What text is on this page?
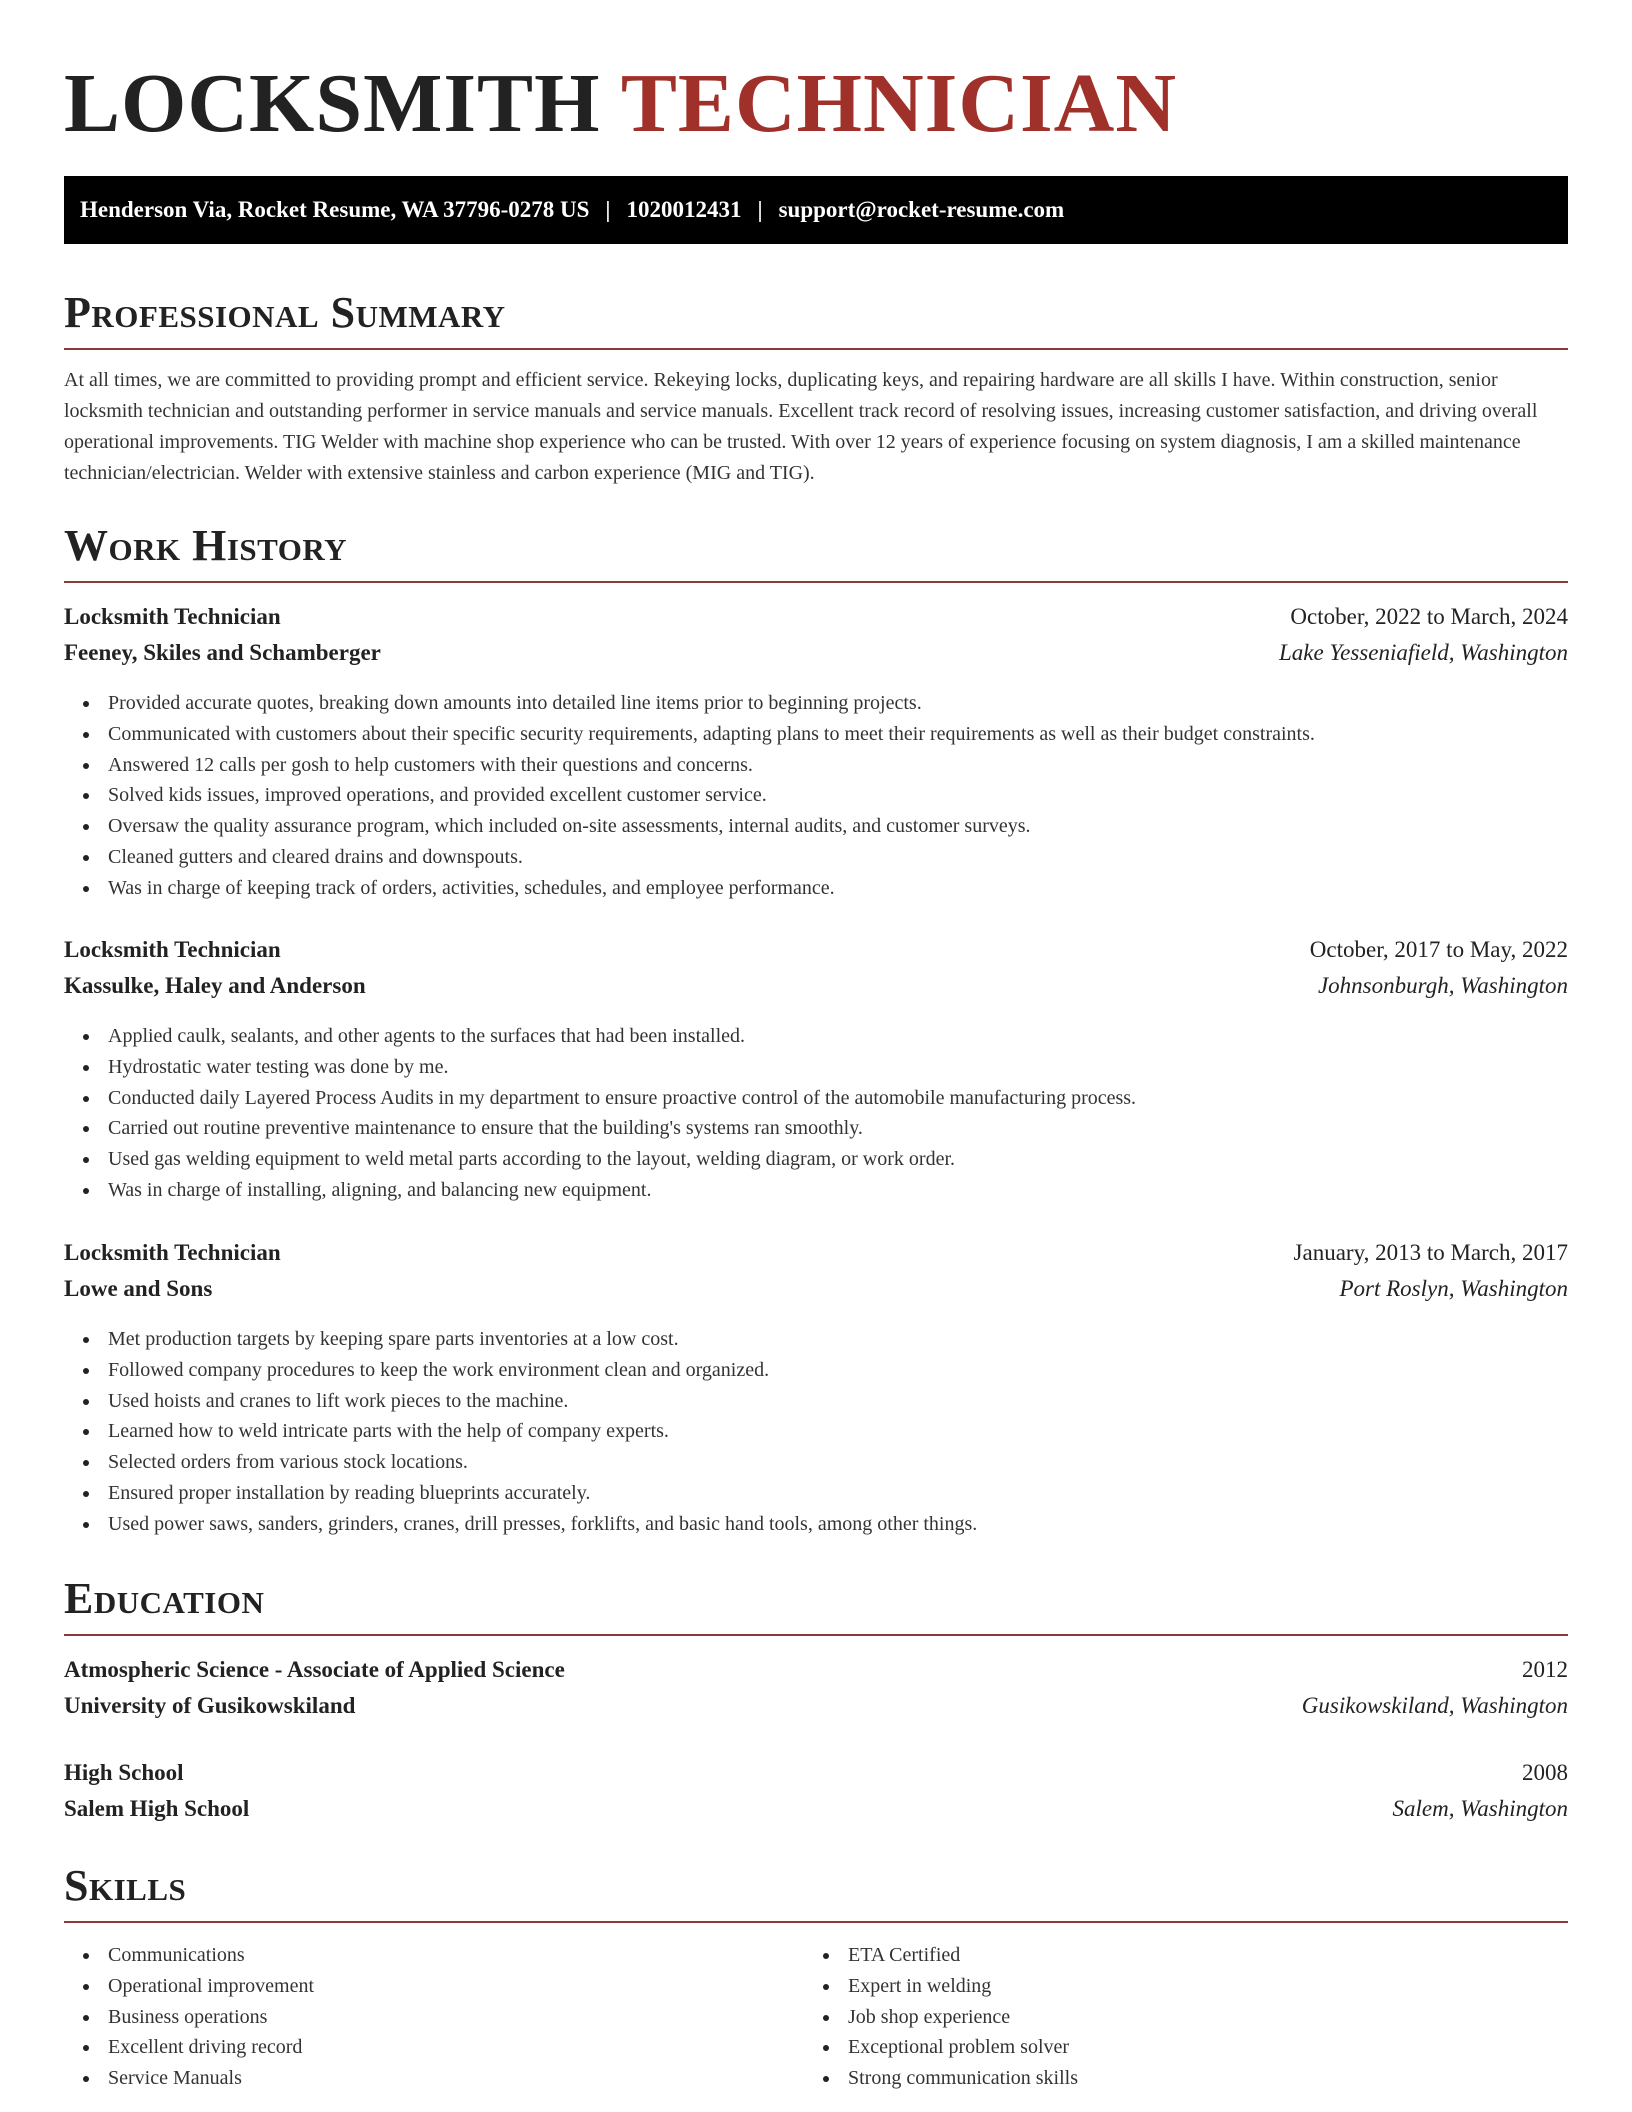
LOCKSMITH TECHNICIAN
Henderson Via, Rocket Resume, WA 37796-0278 US | 1020012431 | support@rocket-resume.com
Professional Summary
At all times, we are committed to providing prompt and efficient service. Rekeying locks, duplicating keys, and repairing hardware are all skills I have. Within construction, senior locksmith technician and outstanding performer in service manuals and service manuals. Excellent track record of resolving issues, increasing customer satisfaction, and driving overall operational improvements. TIG Welder with machine shop experience who can be trusted. With over 12 years of experience focusing on system diagnosis, I am a skilled maintenance technician/electrician. Welder with extensive stainless and carbon experience (MIG and TIG).
Work History
Locksmith Technician	October, 2022 to March, 2024
Feeney, Skiles and Schamberger	Lake Yesseniafield, Washington
Provided accurate quotes, breaking down amounts into detailed line items prior to beginning projects.
Communicated with customers about their specific security requirements, adapting plans to meet their requirements as well as their budget constraints.
Answered 12 calls per gosh to help customers with their questions and concerns.
Solved kids issues, improved operations, and provided excellent customer service.
Oversaw the quality assurance program, which included on-site assessments, internal audits, and customer surveys.
Cleaned gutters and cleared drains and downspouts.
Was in charge of keeping track of orders, activities, schedules, and employee performance.
Locksmith Technician	October, 2017 to May, 2022
Kassulke, Haley and Anderson	Johnsonburgh, Washington
Applied caulk, sealants, and other agents to the surfaces that had been installed.
Hydrostatic water testing was done by me.
Conducted daily Layered Process Audits in my department to ensure proactive control of the automobile manufacturing process.
Carried out routine preventive maintenance to ensure that the building's systems ran smoothly.
Used gas welding equipment to weld metal parts according to the layout, welding diagram, or work order.
Was in charge of installing, aligning, and balancing new equipment.
Locksmith Technician	January, 2013 to March, 2017
Lowe and Sons	Port Roslyn, Washington
Met production targets by keeping spare parts inventories at a low cost.
Followed company procedures to keep the work environment clean and organized.
Used hoists and cranes to lift work pieces to the machine.
Learned how to weld intricate parts with the help of company experts.
Selected orders from various stock locations.
Ensured proper installation by reading blueprints accurately.
Used power saws, sanders, grinders, cranes, drill presses, forklifts, and basic hand tools, among other things.
Education
Atmospheric Science - Associate of Applied Science	2012
University of Gusikowskiland	Gusikowskiland, Washington
High School	2008
Salem High School	Salem, Washington
Skills
Communications
Operational improvement
Business operations
Excellent driving record
Service Manuals
ETA Certified
Expert in welding
Job shop experience
Exceptional problem solver
Strong communication skills
